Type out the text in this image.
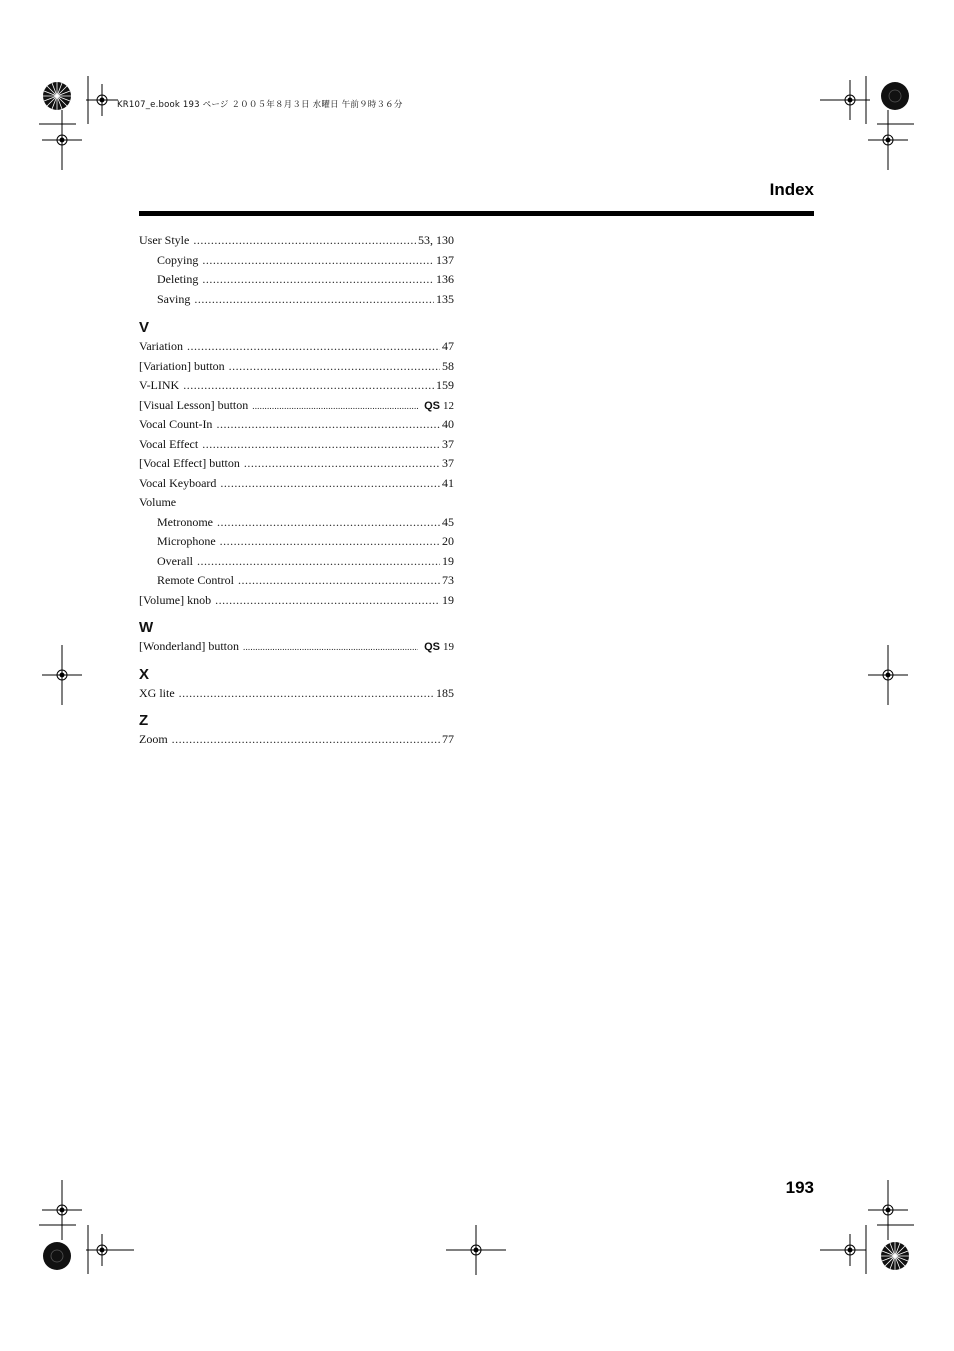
KR107_e.book 193 ページ ２００５年８月３日 水曜日 午前９時３６分
Index
User Style .....	53, 130
Copying .....	137
Deleting .....	136
Saving .....	135
V
Variation .....	47
[Variation] button .....	58
V-LINK .....	159
[Visual Lesson] button .....	QS 12
Vocal Count-In .....	40
Vocal Effect .....	37
[Vocal Effect] button .....	37
Vocal Keyboard .....	41
Volume
Metronome .....	45
Microphone .....	20
Overall .....	19
Remote Control .....	73
[Volume] knob .....	19
W
[Wonderland] button .....	QS 19
X
XG lite .....	185
Z
Zoom .....	77
193
